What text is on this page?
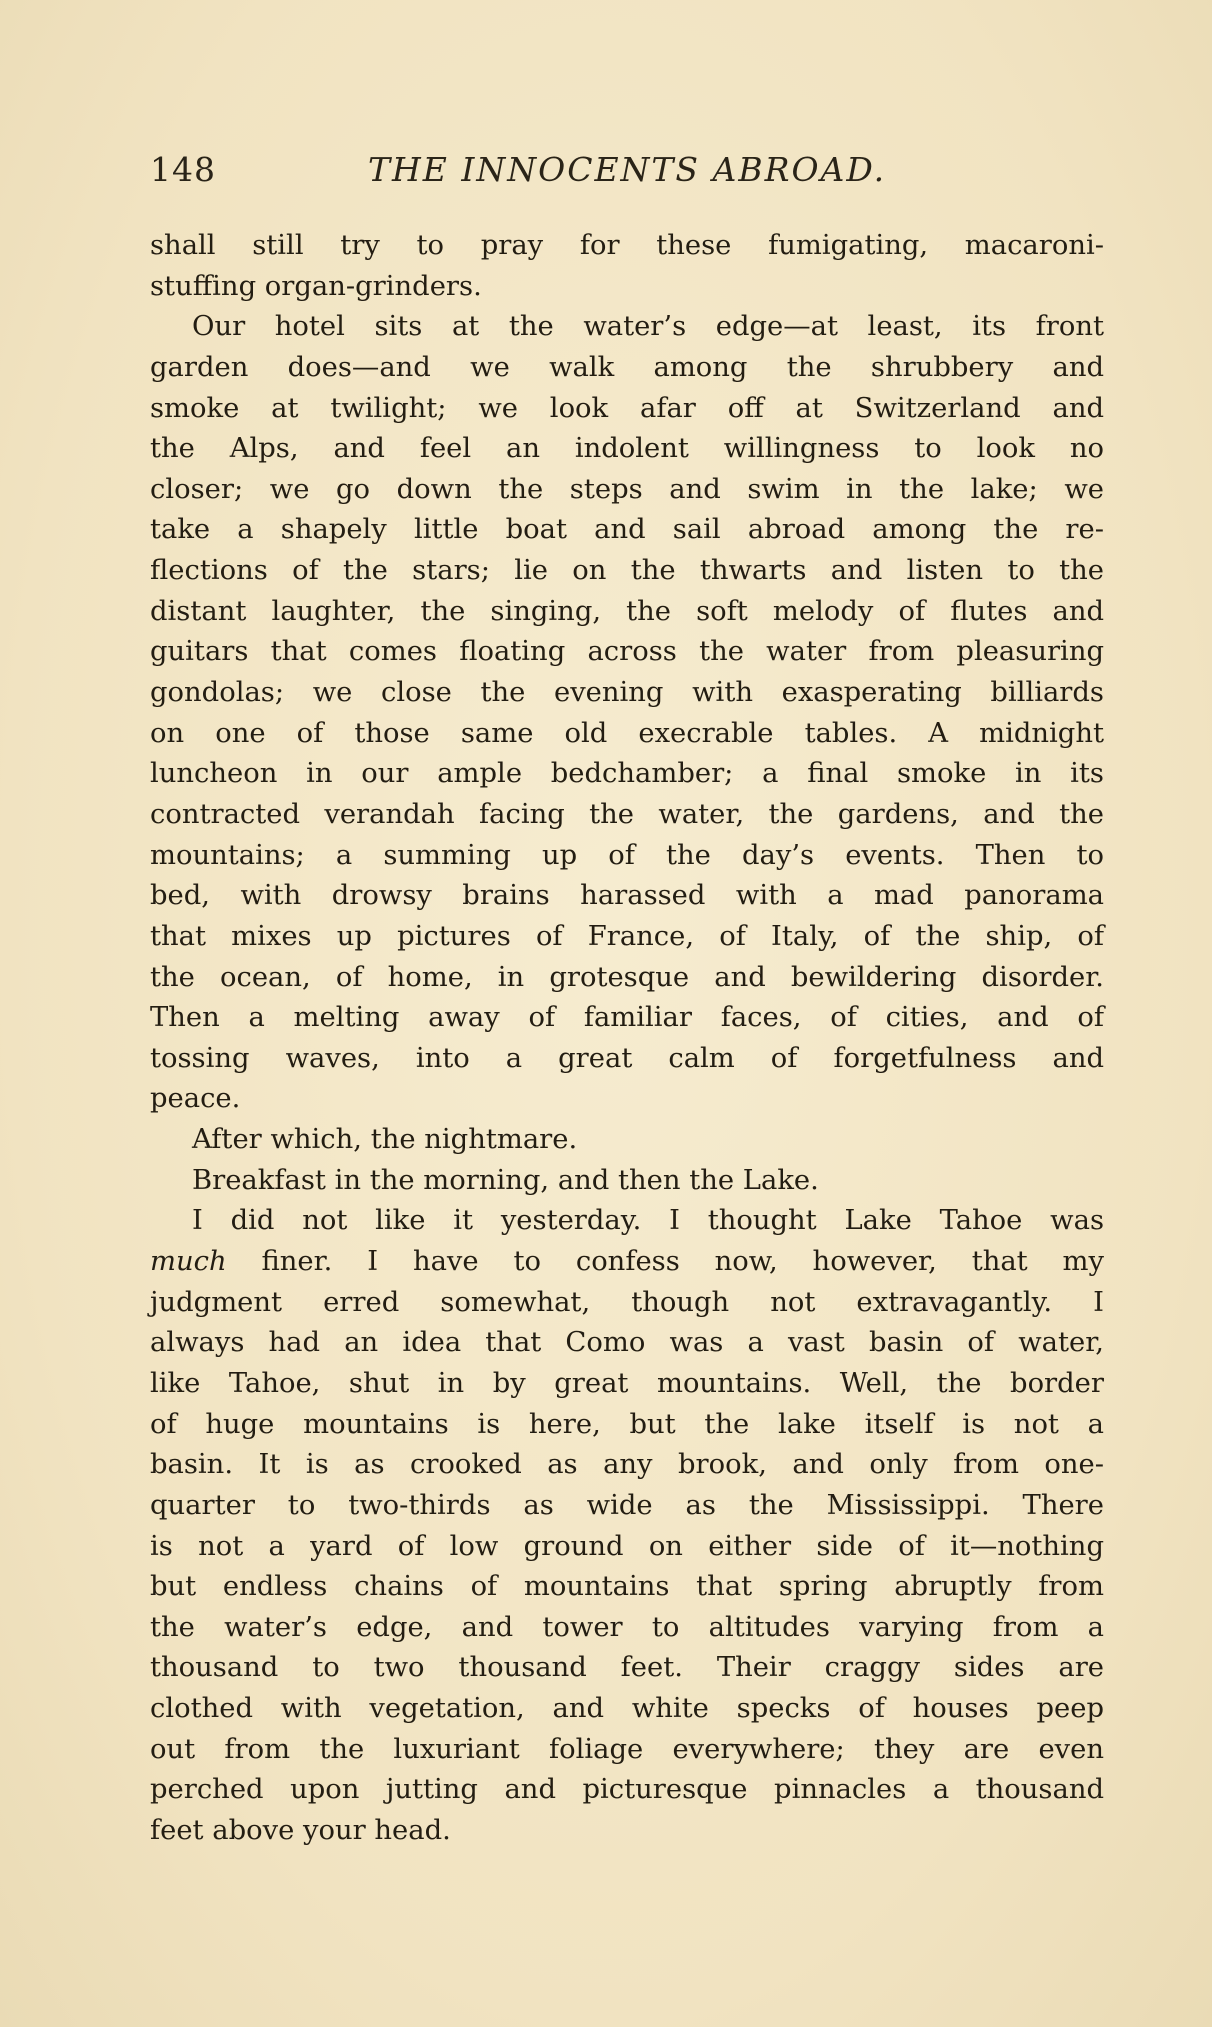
148	THE INNOCENTS ABROAD.
shall still try to pray for these fumigating, macaroni-
stuffing organ-grinders.
Our hotel sits at the water’s edge—at least, its front
garden does—and we walk among the shrubbery and
smoke at twilight; we look afar off at Switzerland and
the Alps, and feel an indolent willingness to look no
closer; we go down the steps and swim in the lake; we
take a shapely little boat and sail abroad among the re-
flections of the stars; lie on the thwarts and listen to the
distant laughter, the singing, the soft melody of flutes and
guitars that comes floating across the water from pleasuring
gondolas; we close the evening with exasperating billiards
on one of those same old execrable tables. A midnight
luncheon in our ample bedchamber; a final smoke in its
contracted verandah facing the water, the gardens, and the
mountains; a summing up of the day’s events. Then to
bed, with drowsy brains harassed with a mad panorama
that mixes up pictures of France, of Italy, of the ship, of
the ocean, of home, in grotesque and bewildering disorder.
Then a melting away of familiar faces, of cities, and of
tossing waves, into a great calm of forgetfulness and
peace.
After which, the nightmare.
Breakfast in the morning, and then the Lake.
I did not like it yesterday. I thought Lake Tahoe was
much finer. I have to confess now, however, that my
judgment erred somewhat, though not extravagantly. I
always had an idea that Como was a vast basin of water,
like Tahoe, shut in by great mountains. Well, the border
of huge mountains is here, but the lake itself is not a
basin. It is as crooked as any brook, and only from one-
quarter to two-thirds as wide as the Mississippi. There
is not a yard of low ground on either side of it—nothing
but endless chains of mountains that spring abruptly from
the water’s edge, and tower to altitudes varying from a
thousand to two thousand feet. Their craggy sides are
clothed with vegetation, and white specks of houses peep
out from the luxuriant foliage everywhere; they are even
perched upon jutting and picturesque pinnacles a thousand
feet above your head.
